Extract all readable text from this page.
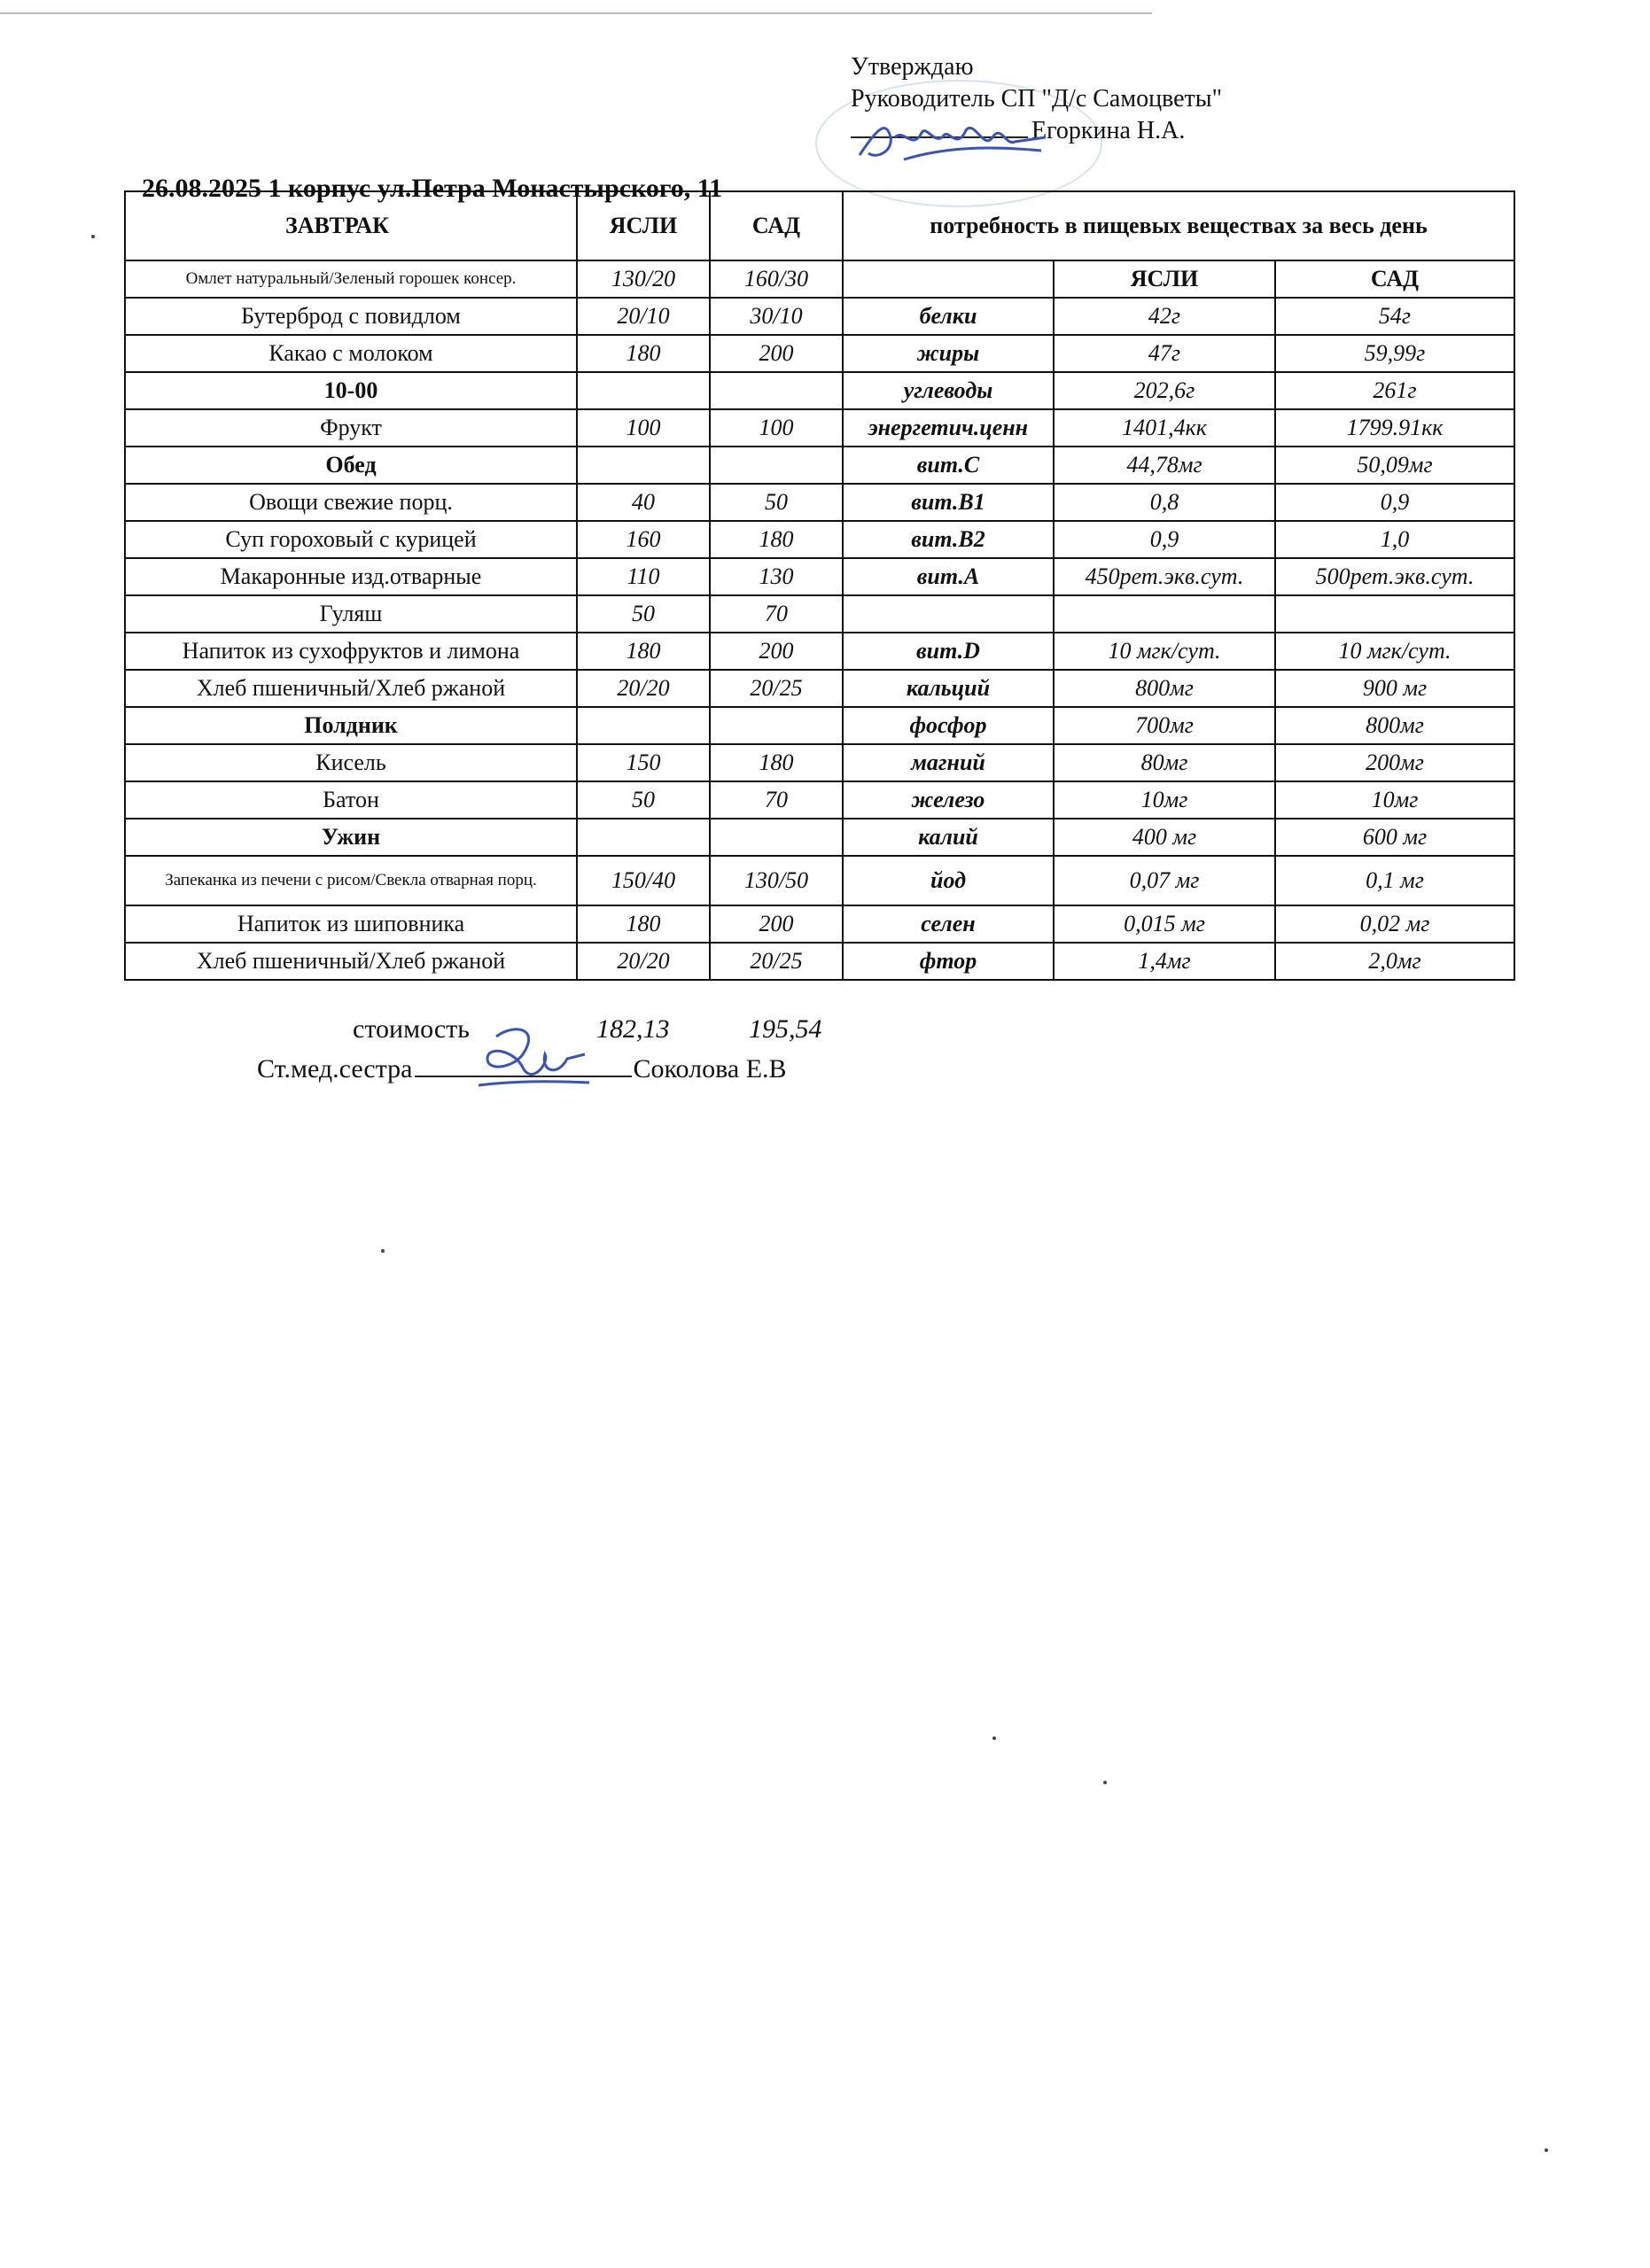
Утверждаю
Руководитель СП "Д/с Самоцветы"
Егоркина Н.А.
26.08.2025 1 корпус ул.Петра Монастырского, 11
ЗАВТРАК	ЯСЛИ	САД	потребность в пищевых веществах за весь день		
Омлет натуральный/Зеленый горошек консер.	130/20	160/30		ЯСЛИ	САД
Бутерброд с повидлом	20/10	30/10	белки	42г	54г
Какао с молоком	180	200	жиры	47г	59,99г
10-00			углеводы	202,6г	261г
Фрукт	100	100	энергетич.ценн	1401,4кк	1799.91кк
Обед			вит.С	44,78мг	50,09мг
Овощи свежие порц.	40	50	вит.В1	0,8	0,9
Суп гороховый с курицей	160	180	вит.В2	0,9	1,0
Макаронные изд.отварные	110	130	вит.А	450рет.экв.сут.	500рет.экв.сут.
Гуляш	50	70			
Напиток из сухофруктов и лимона	180	200	вит.D	10 мгк/сут.	10 мгк/сут.
Хлеб пшеничный/Хлеб ржаной	20/20	20/25	кальций	800мг	900 мг
Полдник			фосфор	700мг	800мг
Кисель	150	180	магний	80мг	200мг
Батон	50	70	железо	10мг	10мг
Ужин			калий	400 мг	600 мг
Запеканка из печени с рисом/Свекла отварная порц.	150/40	130/50	йод	0,07 мг	0,1 мг
Напиток из шиповника	180	200	селен	0,015 мг	0,02 мг
Хлеб пшеничный/Хлеб ржаной	20/20	20/25	фтор	1,4мг	2,0мг
стоимость	182,13	195,54
Ст.мед.сестра	Соколова Е.В
